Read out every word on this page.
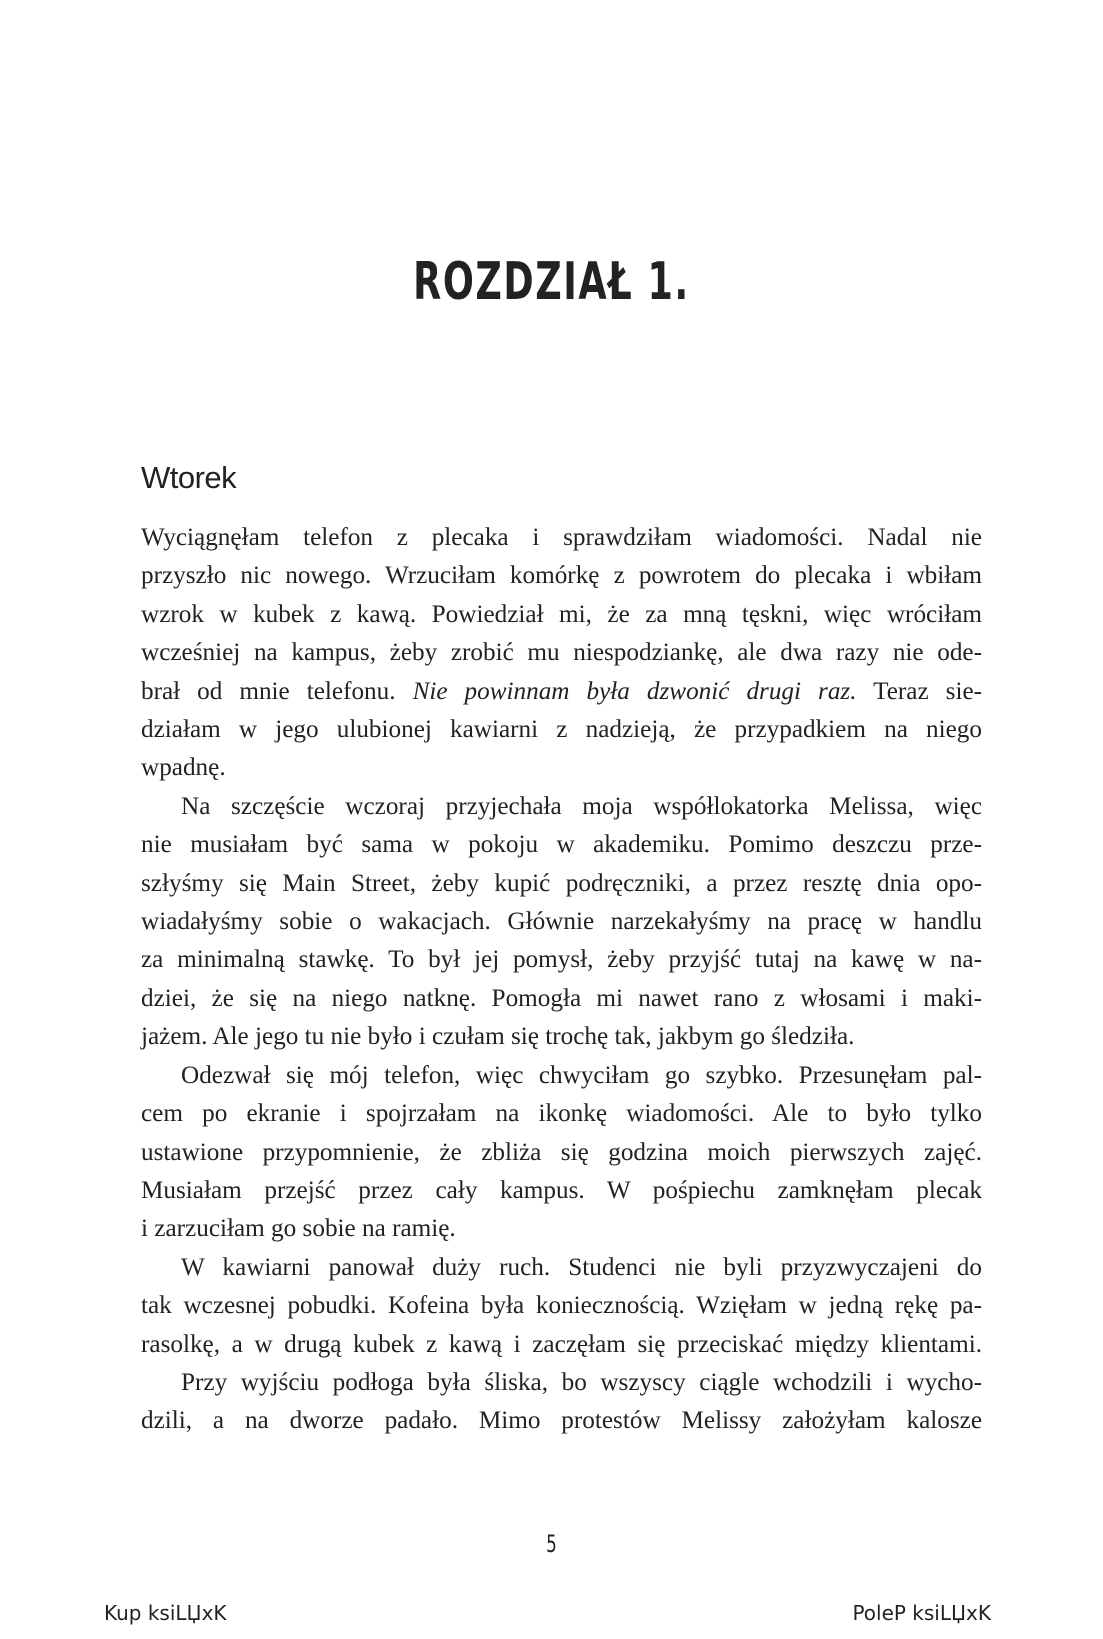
ROZDZIAŁ 1.
Wtorek
Wyciągnęłam telefon z plecaka i sprawdziłam wiadomości. Nadal nie
przyszło nic nowego. Wrzuciłam komórkę z powrotem do plecaka i wbiłam
wzrok w kubek z kawą. Powiedział mi, że za mną tęskni, więc wróciłam
wcześniej na kampus, żeby zrobić mu niespodziankę, ale dwa razy nie ode-
brał od mnie telefonu. Nie powinnam była dzwonić drugi raz. Teraz sie-
działam w jego ulubionej kawiarni z nadzieją, że przypadkiem na niego
wpadnę.
Na szczęście wczoraj przyjechała moja współlokatorka Melissa, więc
nie musiałam być sama w pokoju w akademiku. Pomimo deszczu prze-
szłyśmy się Main Street, żeby kupić podręczniki, a przez resztę dnia opo-
wiadałyśmy sobie o wakacjach. Głównie narzekałyśmy na pracę w handlu
za minimalną stawkę. To był jej pomysł, żeby przyjść tutaj na kawę w na-
dziei, że się na niego natknę. Pomogła mi nawet rano z włosami i maki-
jażem. Ale jego tu nie było i czułam się trochę tak, jakbym go śledziła.
Odezwał się mój telefon, więc chwyciłam go szybko. Przesunęłam pal-
cem po ekranie i spojrzałam na ikonkę wiadomości. Ale to było tylko
ustawione przypomnienie, że zbliża się godzina moich pierwszych zajęć.
Musiałam przejść przez cały kampus. W pośpiechu zamknęłam plecak
i zarzuciłam go sobie na ramię.
W kawiarni panował duży ruch. Studenci nie byli przyzwyczajeni do
tak wczesnej pobudki. Kofeina była koniecznością. Wzięłam w jedną rękę pa-
rasolkę, a w drugą kubek z kawą i zaczęłam się przeciskać między klientami.
Przy wyjściu podłoga była śliska, bo wszyscy ciągle wchodzili i wycho-
dzili, a na dworze padało. Mimo protestów Melissy założyłam kalosze
5
Kup ksiLЏxK	PoleP ksiLЏxK
